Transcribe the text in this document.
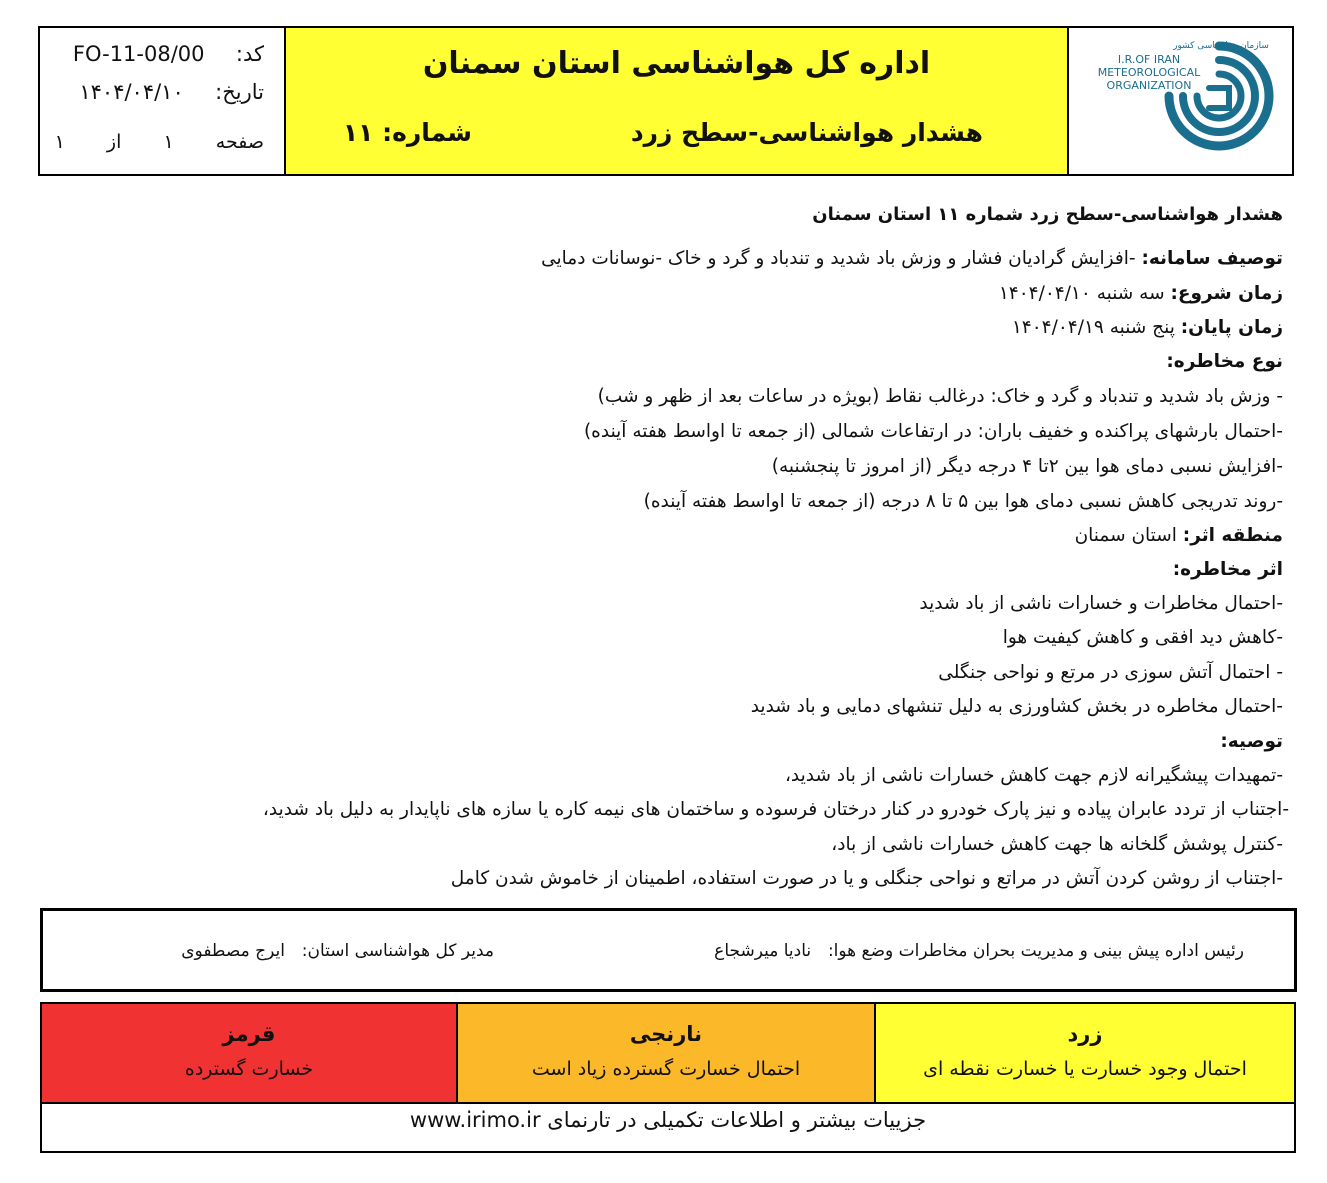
کد:  FO-11-08/00
تاریخ:  ۱۴۰۴/۰۴/۱۰
صفحه  ۱  از  ۱
اداره کل هواشناسی استان سمنان
هشدار هواشناسی-سطح زرد
شماره: ۱۱
سازمان هواشناسی کشور
I.R.OF IRAN
METEOROLOGICAL
ORGANIZATION
هشدار هواشناسی-سطح زرد شماره ۱۱ استان سمنان
توصیف سامانه: -افزایش گرادیان فشار و وزش باد شدید و تندباد و گرد و خاک -نوسانات دمایی
زمان شروع: سه شنبه ۱۴۰۴/۰۴/۱۰
زمان پایان: پنج شنبه ۱۴۰۴/۰۴/۱۹
نوع مخاطره:
- وزش باد شدید و تندباد و گرد و خاک: درغالب نقاط (بویژه در ساعات بعد از ظهر و شب)
-احتمال بارشهای پراکنده و خفیف باران: در ارتفاعات شمالی (از جمعه تا اواسط هفته آینده)
-افزایش نسبی دمای هوا بین ۲تا ۴ درجه دیگر (از امروز تا پنجشنبه)
-روند تدریجی کاهش نسبی دمای هوا بین ۵ تا ۸ درجه (از جمعه تا اواسط هفته آینده)
منطقه اثر: استان سمنان
اثر مخاطره:
-احتمال مخاطرات و خسارات ناشی از باد شدید
-کاهش دید افقی و کاهش کیفیت هوا
- احتمال آتش سوزی در مرتع و نواحی جنگلی
-احتمال مخاطره در بخش کشاورزی به دلیل تنشهای دمایی و باد شدید
توصیه:
-تمهیدات پیشگیرانه لازم جهت کاهش خسارات ناشی از باد شدید،
-اجتناب از تردد عابران پیاده و نیز پارک خودرو در کنار درختان فرسوده و ساختمان های نیمه کاره یا سازه های ناپایدار به دلیل باد شدید،
-کنترل پوشش گلخانه ها جهت کاهش خسارات ناشی از باد،
-اجتناب از روشن کردن آتش در مراتع و نواحی جنگلی و یا در صورت استفاده، اطمینان از خاموش شدن کامل
رئیس اداره پیش بینی و مدیریت بحران مخاطرات وضع هوا:  نادیا میرشجاع
مدیر کل هواشناسی استان:  ایرج مصطفوی
زرد
احتمال وجود خسارت یا خسارت نقطه ای
نارنجی
احتمال خسارت گسترده زیاد است
قرمز
خسارت گسترده
جزییات بیشتر و اطلاعات تکمیلی در تارنمای www.irimo.ir
